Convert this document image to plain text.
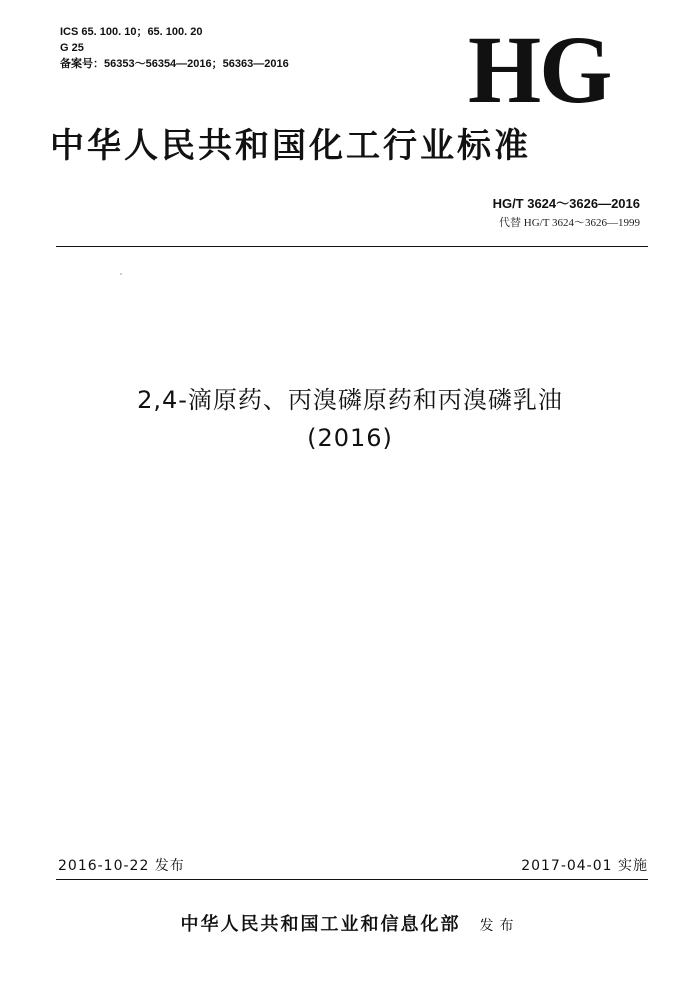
ICS 65. 100. 10；65. 100. 20
G 25
备案号：56353～56354—2016；56363—2016 HG
中华人民共和国化工行业标准
HG/T 3624～3626—2016
代替 HG/T 3624～3626—1999
2,4-滴原药、丙溴磷原药和丙溴磷乳油
(2016)
2016-10-22 发布	2017-04-01 实施
中华人民共和国工业和信息化部 发布
